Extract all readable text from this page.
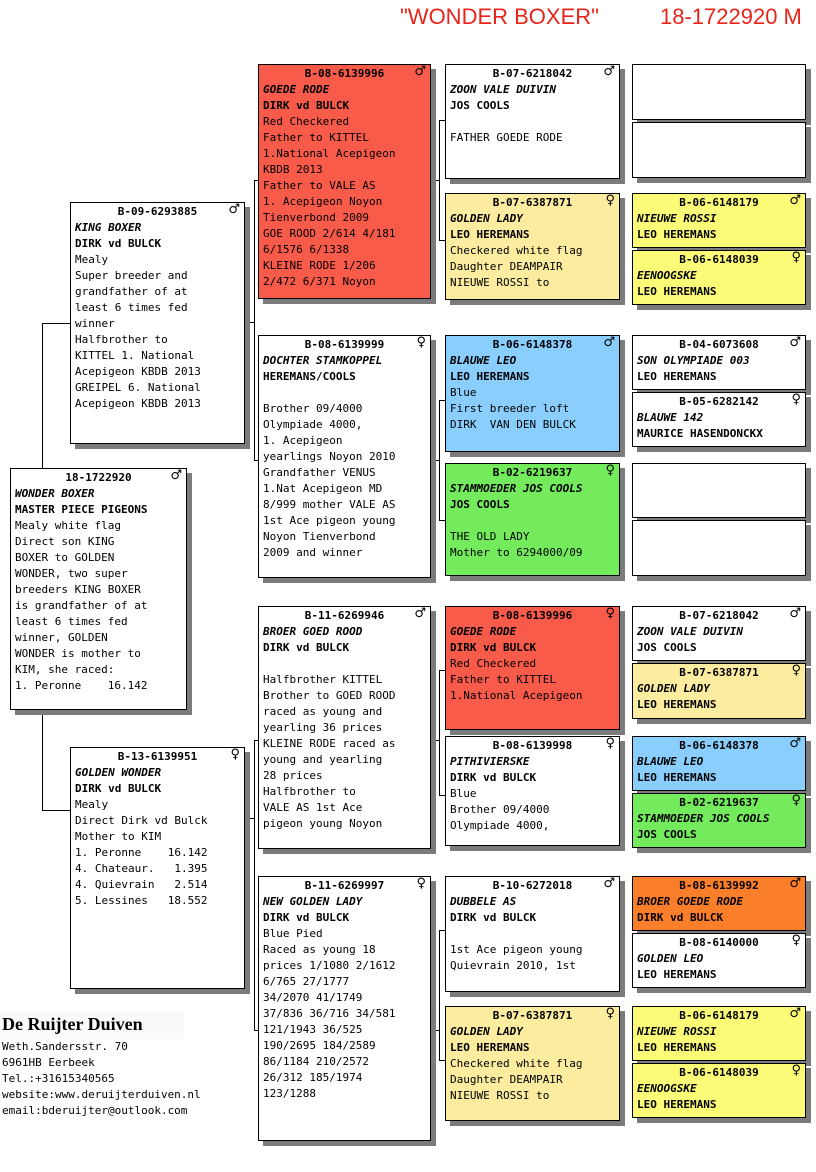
"WONDER BOXER"	18-1722920 M
18-1722920	♂
WONDER BOXER
MASTER PIECE PIGEONS
Mealy white flag
Direct son KING
BOXER to GOLDEN
WONDER, two super
breeders KING BOXER
is grandfather of at
least 6 times fed
winner, GOLDEN
WONDER is mother to
KIM, she raced:
1. Peronne    16.142
B-09-6293885 ♂
KING BOXER
DIRK vd BULCK
Mealy
Super breeder and
grandfather of at
least 6 times fed
winner
Halfbrother to
KITTEL 1. National
Acepigeon KBDB 2013
GREIPEL 6. National
Acepigeon KBDB 2013
B-13-6139951	♀
GOLDEN WONDER
DIRK vd BULCK
Mealy
Direct Dirk vd Bulck
Mother to KIM
1. Peronne    16.142
4. Chateaur.   1.395
4. Quievrain   2.514
5. Lessines   18.552
B-08-6139996 ♂
GOEDE RODE
DIRK vd BULCK
Red Checkered
Father to KITTEL
1.National Acepigeon
KBDB 2013
Father to VALE AS
1. Acepigeon Noyon
Tienverbond 2009
GOE ROOD 2/614 4/181
6/1576 6/1338
KLEINE RODE 1/206
2/472 6/371 Noyon
B-08-6139999 ♀
DOCHTER STAMKOPPEL
HEREMANS/COOLS

Brother 09/4000
Olympiade 4000,
1. Acepigeon
yearlings Noyon 2010
Grandfather VENUS
1.Nat Acepigeon MD
8/999 mother VALE AS
1st Ace pigeon young
Noyon Tienverbond
2009 and winner
B-11-6269946 ♂
BROER GOED ROOD
DIRK vd BULCK

Halfbrother KITTEL
Brother to GOED ROOD
raced as young and
yearling 36 prices
KLEINE RODE raced as
young and yearling
28 prices
Halfbrother to
VALE AS 1st Ace
pigeon young Noyon
B-11-6269997 ♀
NEW GOLDEN LADY
DIRK vd BULCK
Blue Pied
Raced as young 18
prices 1/1080 2/1612
6/765 27/1777
34/2070 41/1749
37/836 36/716 34/581
121/1943 36/525
190/2695 184/2589
86/1184 210/2572
26/312 185/1974
123/1288
B-07-6218042 ♂
ZOON VALE DUIVIN
JOS COOLS

FATHER GOEDE RODE
B-07-6387871	♀
GOLDEN LADY
LEO HEREMANS
Checkered white flag
Daughter DEAMPAIR
NIEUWE ROSSI to
B-06-6148378 ♂
BLAUWE LEO
LEO HEREMANS
Blue
First breeder loft
DIRK  VAN DEN BULCK
B-02-6219637	♀
STAMMOEDER JOS COOLS
JOS COOLS

THE OLD LADY
Mother to 6294000/09
B-08-6139996	♀
GOEDE RODE
DIRK vd BULCK
Red Checkered
Father to KITTEL
1.National Acepigeon
B-08-6139998	♀
PITHIVIERSKE
DIRK vd BULCK
Blue
Brother 09/4000
Olympiade 4000,
B-10-6272018 ♂
DUBBELE AS
DIRK vd BULCK

1st Ace pigeon young
Quievrain 2010, 1st
B-07-6387871	♀
GOLDEN LADY
LEO HEREMANS
Checkered white flag
Daughter DEAMPAIR
NIEUWE ROSSI to
B-06-6148179 ♂
NIEUWE ROSSI
LEO HEREMANS
B-06-6148039	♀
EENOOGSKE
LEO HEREMANS
B-04-6073608 ♂
SON OLYMPIADE 003
LEO HEREMANS
B-05-6282142	♀
BLAUWE 142
MAURICE HASENDONCKX
B-07-6218042 ♂
ZOON VALE DUIVIN
JOS COOLS
B-07-6387871	♀
GOLDEN LADY
LEO HEREMANS
B-06-6148378 ♂
BLAUWE LEO
LEO HEREMANS
B-02-6219637	♀
STAMMOEDER JOS COOLS
JOS COOLS
B-08-6139992 ♂
BROER GOEDE RODE
DIRK vd BULCK
B-08-6140000	♀
GOLDEN LEO
LEO HEREMANS
B-06-6148179 ♂
NIEUWE ROSSI
LEO HEREMANS
B-06-6148039	♀
EENOOGSKE
LEO HEREMANS
De Ruijter Duiven
Weth.Sandersstr. 70
6961HB Eerbeek
Tel.:+31615340565
website:www.deruijterduiven.nl
email:bderuijter@outlook.com
